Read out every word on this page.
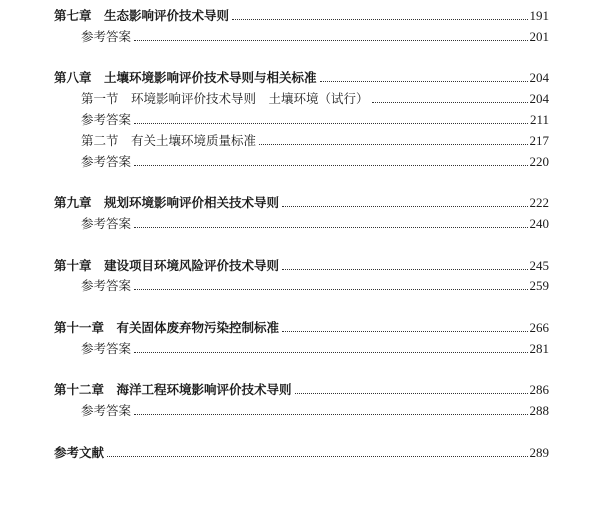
第七章　生态影响评价技术导则	191
参考答案	201
第八章　土壤环境影响评价技术导则与相关标准	204
第一节　环境影响评价技术导则　土壤环境（试行）	204
参考答案	211
第二节　有关土壤环境质量标准	217
参考答案	220
第九章　规划环境影响评价相关技术导则	222
参考答案	240
第十章　建设项目环境风险评价技术导则	245
参考答案	259
第十一章　有关固体废弃物污染控制标准	266
参考答案	281
第十二章　海洋工程环境影响评价技术导则	286
参考答案	288
参考文献	289
